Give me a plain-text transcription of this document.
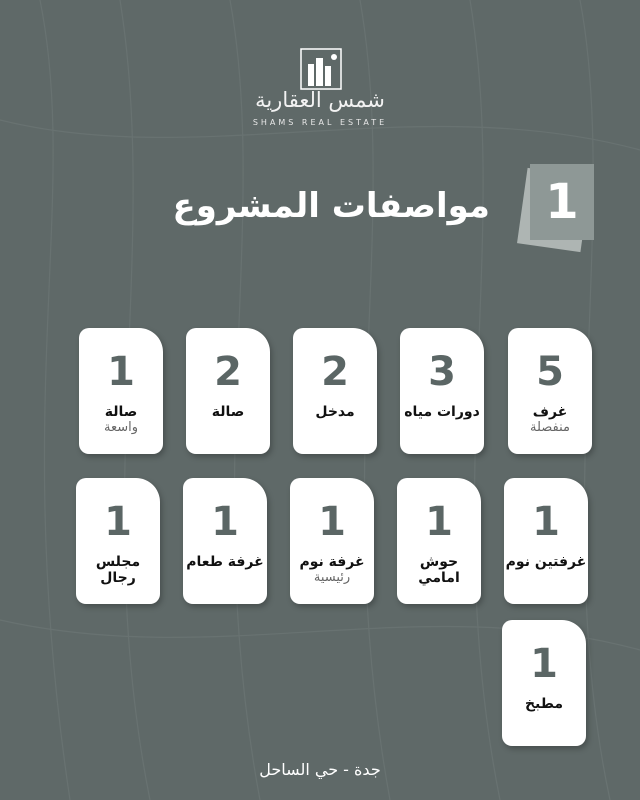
شمس العقارية
SHAMS REAL ESTATE
مواصفات المشروع	1
5
غرف
منفصلة
3
دورات مياه
2
مدخل
2
صالة
1
صالة
واسعة
1
غرفتين نوم
1
حوش امامي
1
غرفة نوم
رئيسية
1
غرفة طعام
1
مجلس رجال
1
مطبخ
جدة - حي الساحل
